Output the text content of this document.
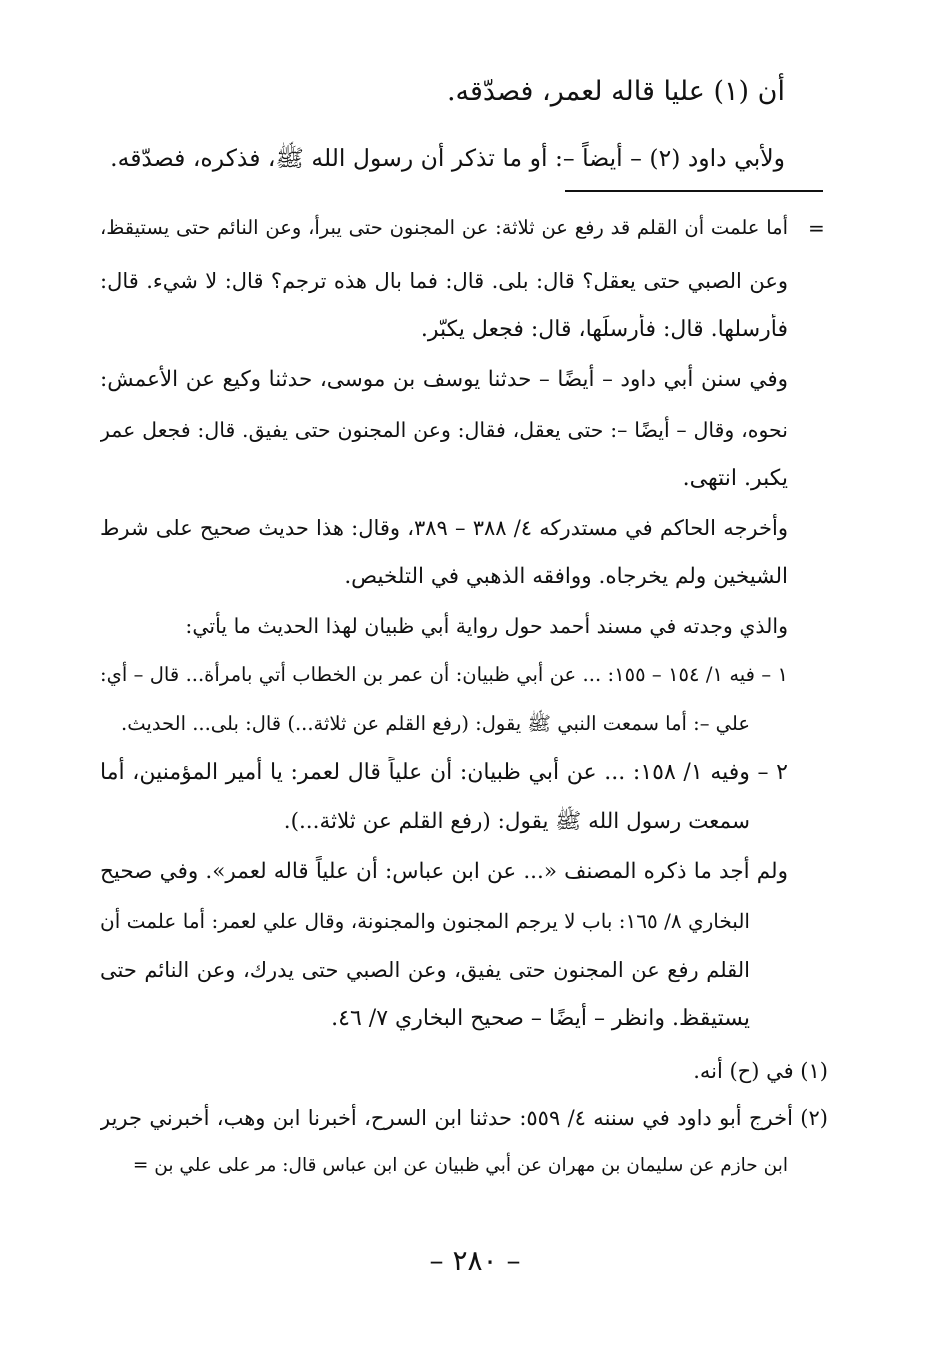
أن (١) عليا قاله لعمر، فصدّقه.
ولأبي داود (٢) – أيضاً –: أو ما تذكر أن رسول الله ﷺ، فذكره، فصدّقه.
=
أما علمت أن القلم قد رفع عن ثلاثة: عن المجنون حتى يبرأ، وعن النائم حتى يستيقظ،
وعن الصبي حتى يعقل؟ قال: بلى. قال: فما بال هذه ترجم؟ قال: لا شيء. قال:
فأرسلها. قال: فأرسلَها، قال: فجعل يكبّر.
وفي سنن أبي داود – أيضًا – حدثنا يوسف بن موسى، حدثنا وكيع عن الأعمش:
نحوه، وقال – أيضًا –: حتى يعقل، فقال: وعن المجنون حتى يفيق. قال: فجعل عمر
يكبر. انتهى.
وأخرجه الحاكم في مستدركه ٤/ ٣٨٨ – ٣٨٩، وقال: هذا حديث صحيح على شرط
الشيخين ولم يخرجاه. ووافقه الذهبي في التلخيص.
والذي وجدته في مسند أحمد حول رواية أبي ظبيان لهذا الحديث ما يأتي:
١ – فيه ١/ ١٥٤ – ١٥٥: ... عن أبي ظبيان: أن عمر بن الخطاب أتي بامرأة... قال – أي:
علي –: أما سمعت النبي ﷺ يقول: (رفع القلم عن ثلاثة...) قال: بلى... الحديث.
٢ – وفيه ١/ ١٥٨: ... عن أبي ظبيان: أن علياً قال لعمر: يا أمير المؤمنين، أما
سمعت رسول الله ﷺ يقول: (رفع القلم عن ثلاثة...).
ولم أجد ما ذكره المصنف «... عن ابن عباس: أن علياً قاله لعمر». وفي صحيح
البخاري ٨/ ١٦٥: باب لا يرجم المجنون والمجنونة، وقال علي لعمر: أما علمت أن
القلم رفع عن المجنون حتى يفيق، وعن الصبي حتى يدرك، وعن النائم حتى
يستيقظ. وانظر – أيضًا – صحيح البخاري ٧/ ٤٦.
(١) في (ح) أنه.
(٢) أخرج أبو داود في سننه ٤/ ٥٥٩: حدثنا ابن السرح، أخبرنا ابن وهب، أخبرني جرير
ابن حازم عن سليمان بن مهران عن أبي ظبيان عن ابن عباس قال: مر على علي بن =
– ٢٨٠ –
